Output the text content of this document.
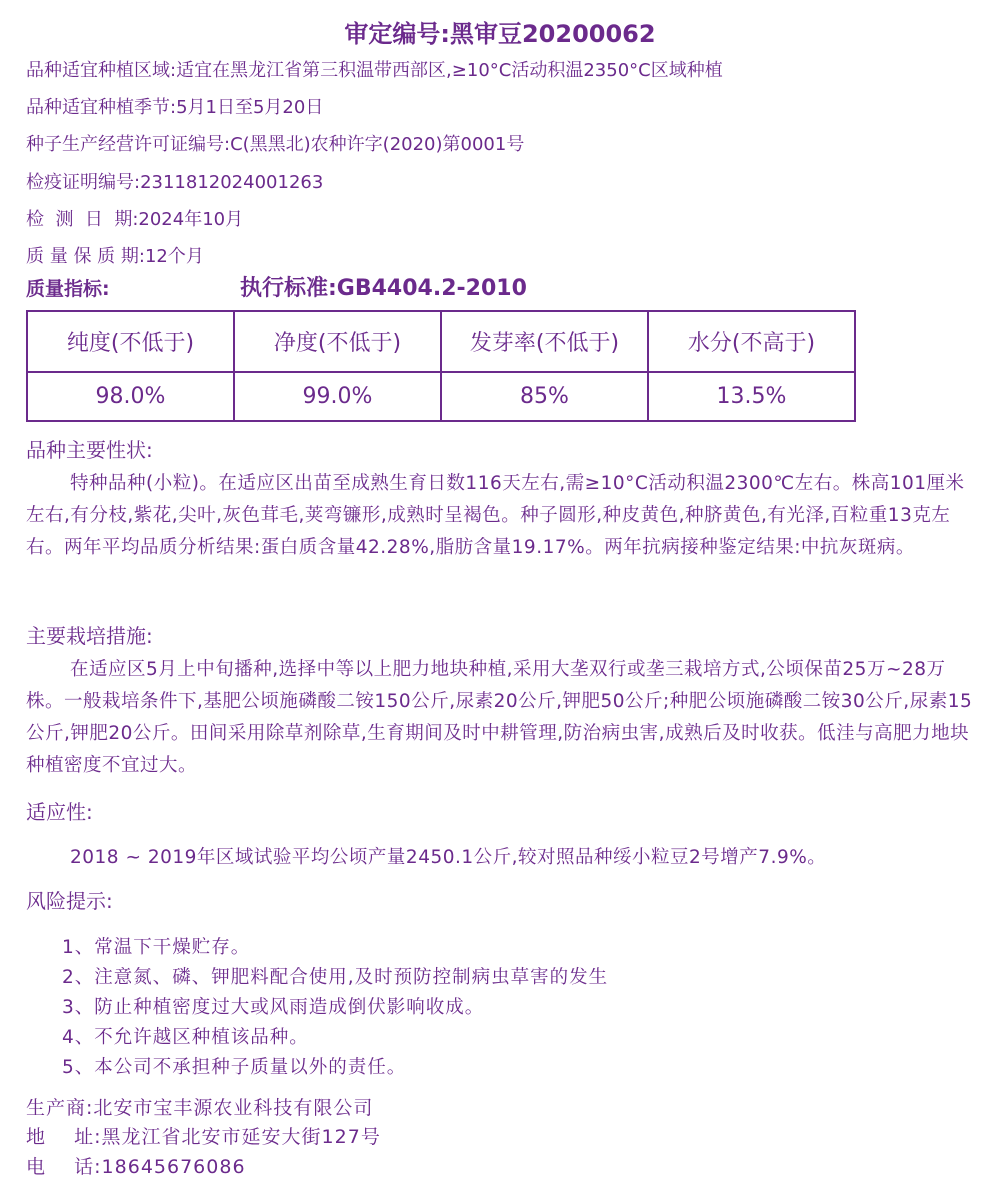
审定编号:黑审豆20200062
品种适宜种植区域:适宜在黑龙江省第三积温带西部区,≥10°C活动积温2350°C区域种植
品种适宜种植季节:5月1日至5月20日
种子生产经营许可证编号:C(黑黑北)农种许字(2020)第0001号
检疫证明编号:2311812024001263
检  测  日  期:2024年10月
质 量 保 质 期:12个月
质量指标:	执行标准:GB4404.2-2010
纯度(不低于)	净度(不低于)	发芽率(不低于)	水分(不高于)
98.0%	99.0%	85%	13.5%
品种主要性状:

特种品种(小粒)。在适应区出苗至成熟生育日数116天左右,需≥10°C活动积温2300℃左右。株高101厘米左右,有分枝,紫花,尖叶,灰色茸毛,荚弯镰形,成熟时呈褐色。种子圆形,种皮黄色,种脐黄色,有光泽,百粒重13克左右。两年平均品质分析结果:蛋白质含量42.28%,脂肪含量19.17%。两年抗病接种鉴定结果:中抗灰斑病。

主要栽培措施:

在适应区5月上中旬播种,选择中等以上肥力地块种植,采用大垄双行或垄三栽培方式,公顷保苗25万~28万株。一般栽培条件下,基肥公顷施磷酸二铵150公斤,尿素20公斤,钾肥50公斤;种肥公顷施磷酸二铵30公斤,尿素15公斤,钾肥20公斤。田间采用除草剂除草,生育期间及时中耕管理,防治病虫害,成熟后及时收获。低洼与高肥力地块种植密度不宜过大。

适应性:
2018 ~ 2019年区域试验平均公顷产量2450.1公斤,较对照品种绥小粒豆2号增产7.9%。
风险提示:
1、常温下干燥贮存。
2、注意氮、磷、钾肥料配合使用,及时预防控制病虫草害的发生
3、防止种植密度过大或风雨造成倒伏影响收成。
4、不允许越区种植该品种。
5、本公司不承担种子质量以外的责任。
生产商:北安市宝丰源农业科技有限公司
地    址:黑龙江省北安市延安大街127号
电    话:18645676086
